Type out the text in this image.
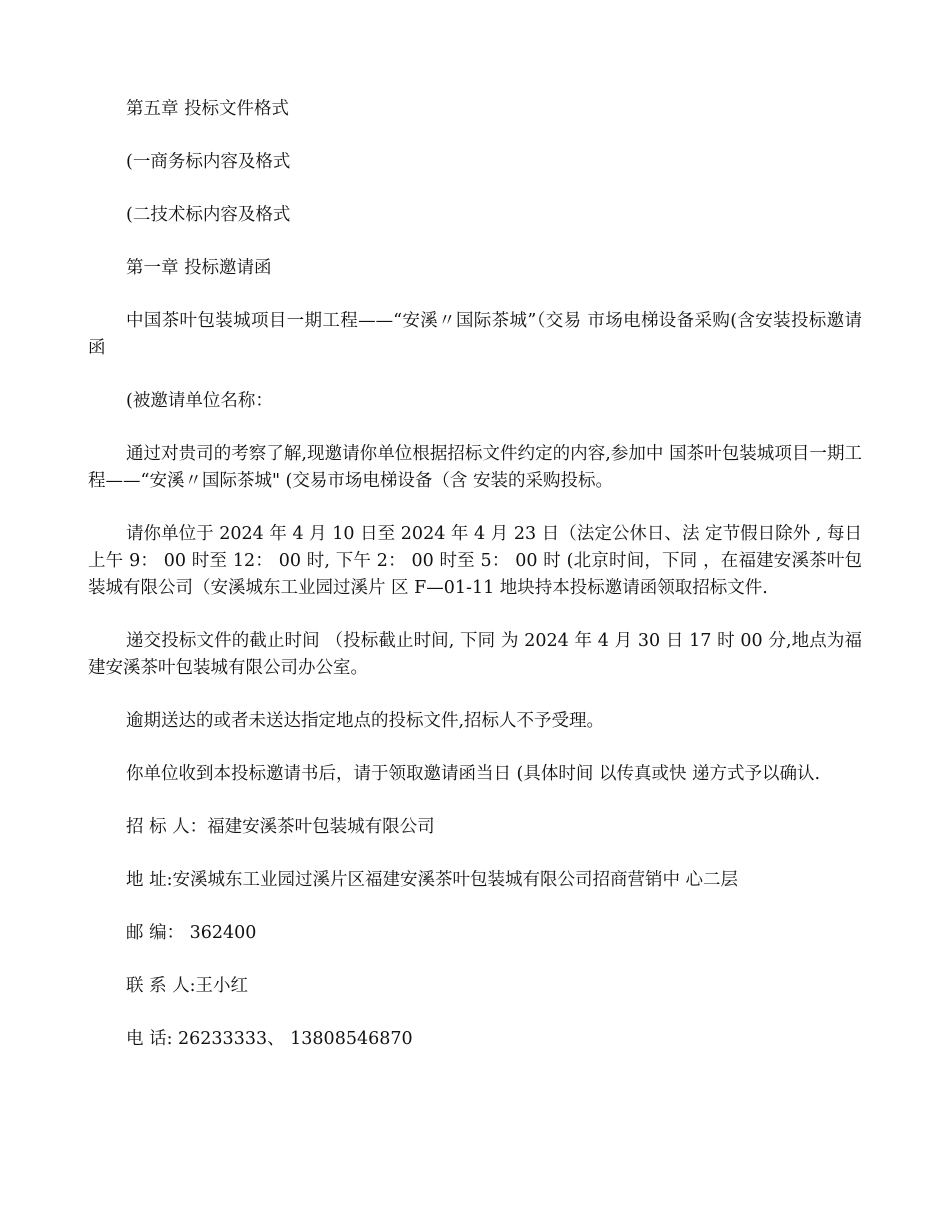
第五章 投标文件格式

(一商务标内容及格式

(二技术标内容及格式

第一章 投标邀请函

中国茶叶包装城项目一期工程——“安溪〃国际茶城”（交易 市场电梯设备采购(含安装投标邀请函

(被邀请单位名称：

通过对贵司的考察了解,现邀请你单位根据招标文件约定的内容,参加中 国茶叶包装城项目一期工程——“安溪〃国际茶城" (交易市场电梯设备（含 安装的采购投标。

请你单位于 2024 年 4 月 10 日至 2024 年 4 月 23 日（法定公休日、法 定节假日除外 , 每日上午 9： 00 时至 12： 00 时, 下午 2： 00 时至 5： 00 时 (北京时间，下同 ，在福建安溪茶叶包装城有限公司（安溪城东工业园过溪片 区 F—01-11 地块持本投标邀请函领取招标文件.

递交投标文件的截止时间 （投标截止时间, 下同 为 2024 年 4 月 30 日 17 时 00 分,地点为福建安溪茶叶包装城有限公司办公室。

逾期送达的或者未送达指定地点的投标文件,招标人不予受理。

你单位收到本投标邀请书后，请于领取邀请函当日 (具体时间 以传真或快 递方式予以确认.

招 标 人：福建安溪茶叶包装城有限公司

地 址:安溪城东工业园过溪片区福建安溪茶叶包装城有限公司招商营销中 心二层

邮 编： 362400

联 系 人:王小红

电 话: 26233333、 13808546870
